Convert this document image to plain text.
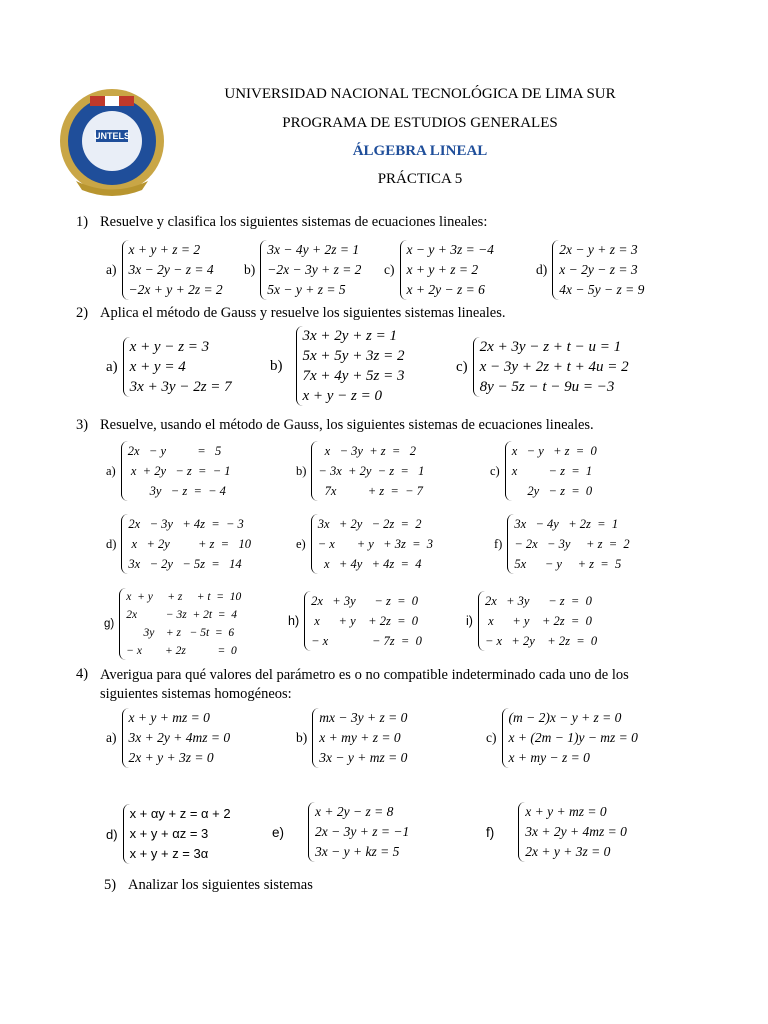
UNTELS
UNIVERSIDAD NACIONAL TECNOLÓGICA DE LIMA SUR
PROGRAMA DE ESTUDIOS GENERALES
ÁLGEBRA LINEAL
PRÁCTICA 5
1) Resuelve y clasifica los siguientes sistemas de ecuaciones lineales:
a)
x + y + z = 2
3x − 2y − z = 4
−2x + y + 2z = 2
b)
3x − 4y + 2z = 1
−2x − 3y + z = 2
5x − y + z = 5
c)
x − y + 3z = −4
x + y + z = 2
x + 2y − z = 6
d)
2x − y + z = 3
x − 2y − z = 3
4x − 5y − z = 9
2) Aplica el método de Gauss y resuelve los siguientes sistemas lineales.
a)
x + y − z = 3
x + y = 4
3x + 3y − 2z = 7
b)
3x + 2y + z = 1
5x + 5y + 3z = 2
7x + 4y + 5z = 3
x + y − z = 0
c)
2x + 3y − z + t − u = 1
x − 3y + 2z + t + 4u = 2
8y − 5z − t − 9u = −3
3) Resuelve, usando el método de Gauss, los siguientes sistemas de ecuaciones lineales.
a)
2x   − y          =   5
x  + 2y   − z  =  − 1
3y   − z  =  − 4
b)
x   − 3y  + z  =   2
− 3x  + 2y  − z  =   1
7x          + z  =  − 7
c)
x   − y   + z  =  0
x          − z  =  1
2y   − z  =  0
d)
2x   − 3y   + 4z  =  − 3
x   + 2y         + z  =   10
3x   − 2y   − 5z  =   14
e)
3x   + 2y   − 2z  =  2
− x       + y   + 3z  =  3
x   + 4y   + 4z  =  4
f)
3x   − 4y   + 2z  =  1
− 2x   − 3y     + z  =  2
5x      − y     + z  =  5
g)
x  + y     + z     + t  =  10
2x          − 3z  + 2t  =  4
3y    + z   − 5t  =  6
− x        + 2z           =  0
h)
2x   + 3y      − z  =  0
x      + y    + 2z  =  0
− x              − 7z  =  0
i)
2x   + 3y      − z  =  0
x      + y    + 2z  =  0
− x   + 2y    + 2z  =  0
4) Averigua para qué valores del parámetro es o no compatible indeterminado cada uno de los siguientes sistemas homogéneos:
a)
x + y + mz = 0
3x + 2y + 4mz = 0
2x + y + 3z = 0
b)
mx − 3y + z = 0
x + my + z = 0
3x − y + mz = 0
c)
(m − 2)x − y + z = 0
x + (2m − 1)y − mz = 0
x + my − z = 0
d)
x + αy + z = α + 2
x + y + αz = 3
x + y + z = 3α
e)
x + 2y − z = 8
2x − 3y + z = −1
3x − y + kz = 5
f)
x + y + mz = 0
3x + 2y + 4mz = 0
2x + y + 3z = 0
5) Analizar los siguientes sistemas
